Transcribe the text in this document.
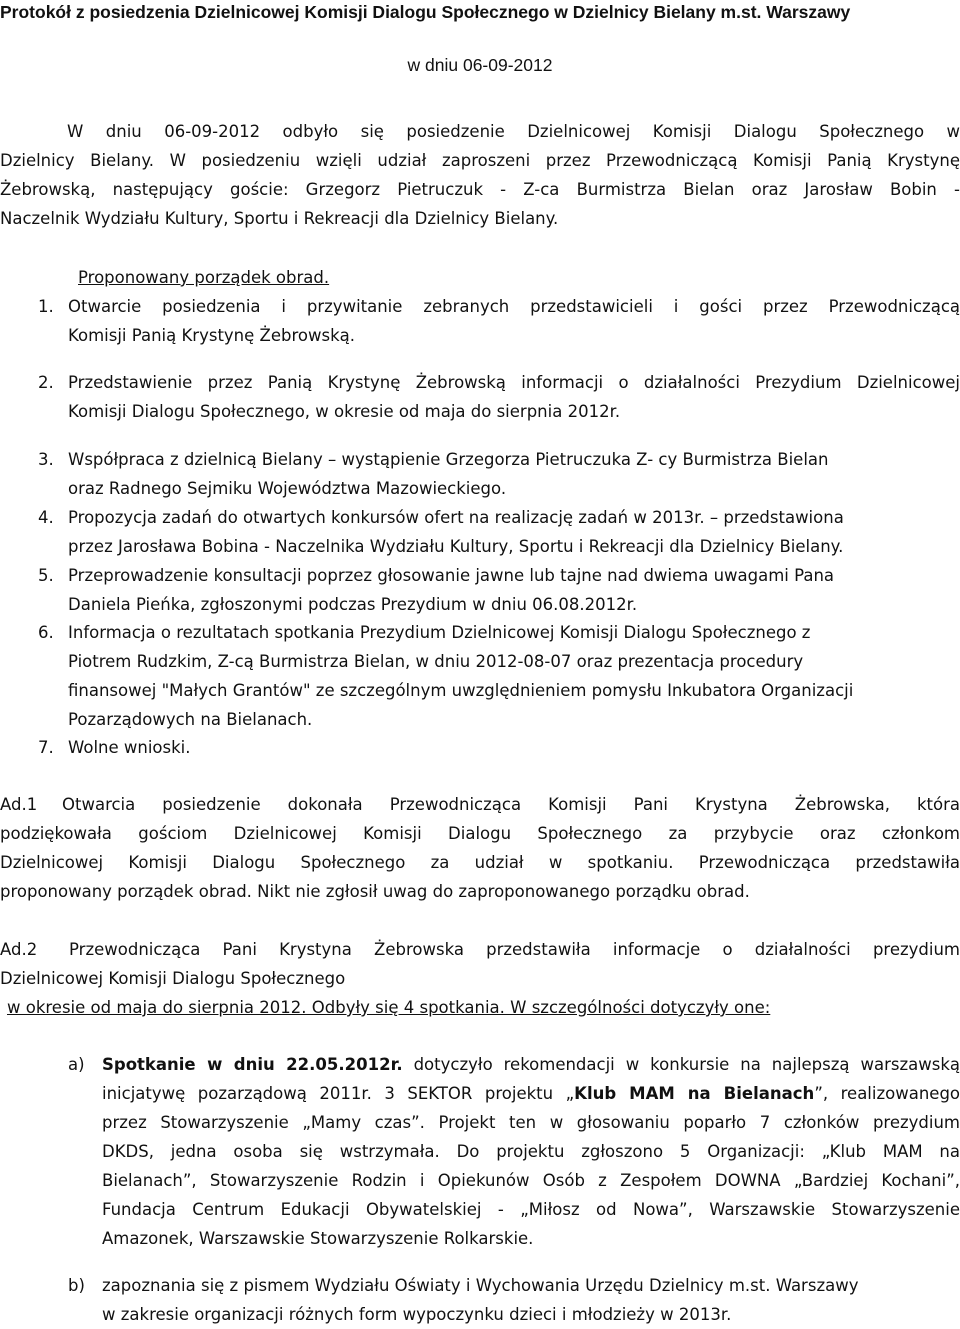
Protokół z posiedzenia Dzielnicowej Komisji Dialogu Społecznego w Dzielnicy Bielany m.st. Warszawy
w dniu 06-09-2012
W dniu 06-09-2012 odbyło się posiedzenie Dzielnicowej Komisji Dialogu Społecznego w
Dzielnicy Bielany. W posiedzeniu wzięli udział zaproszeni przez Przewodniczącą Komisji Panią Krystynę
Żebrowską, następujący goście: Grzegorz Pietruczuk - Z-ca Burmistrza Bielan oraz Jarosław Bobin -
Naczelnik Wydziału Kultury, Sportu i Rekreacji dla Dzielnicy Bielany.
Proponowany porządek obrad.
1. Otwarcie posiedzenia i przywitanie zebranych przedstawicieli i gości przez Przewodniczącą
Komisji Panią Krystynę Żebrowską.
2. Przedstawienie przez Panią Krystynę Żebrowską informacji o działalności Prezydium Dzielnicowej
Komisji Dialogu Społecznego, w okresie od maja do sierpnia 2012r.
3. Współpraca z dzielnicą Bielany – wystąpienie Grzegorza Pietruczuka Z- cy Burmistrza Bielan
oraz Radnego Sejmiku Województwa Mazowieckiego.
4. Propozycja zadań do otwartych konkursów ofert na realizację zadań w 2013r. – przedstawiona
przez Jarosława Bobina - Naczelnika Wydziału Kultury, Sportu i Rekreacji dla Dzielnicy Bielany.
5. Przeprowadzenie konsultacji poprzez głosowanie jawne lub tajne nad dwiema uwagami Pana
Daniela Pieńka, zgłoszonymi podczas Prezydium w dniu 06.08.2012r.
6. Informacja o rezultatach spotkania Prezydium Dzielnicowej Komisji Dialogu Społecznego z
Piotrem Rudzkim, Z-cą Burmistrza Bielan, w dniu 2012-08-07 oraz prezentacja procedury
finansowej "Małych Grantów" ze szczególnym uwzględnieniem pomysłu Inkubatora Organizacji
Pozarządowych na Bielanach.
7. Wolne wnioski.
Ad.1	Otwarcia posiedzenie dokonała Przewodnicząca Komisji Pani Krystyna Żebrowska, która
podziękowała gościom Dzielnicowej Komisji Dialogu Społecznego za przybycie oraz członkom
Dzielnicowej Komisji Dialogu Społecznego za udział w spotkaniu. Przewodnicząca przedstawiła
proponowany porządek obrad. Nikt nie zgłosił uwag do zaproponowanego porządku obrad.
Ad.2	Przewodnicząca Pani Krystyna Żebrowska przedstawiła informacje o działalności prezydium
Dzielnicowej Komisji Dialogu Społecznego
w okresie od maja do sierpnia 2012. Odbyły się 4 spotkania. W szczególności dotyczyły one:
a) Spotkanie w dniu 22.05.2012r. dotyczyło rekomendacji w konkursie na najlepszą warszawską
inicjatywę pozarządową 2011r. 3 SEKTOR projektu „Klub MAM na Bielanach”, realizowanego
przez Stowarzyszenie „Mamy czas”. Projekt ten w głosowaniu poparło 7 członków prezydium
DKDS, jedna osoba się wstrzymała. Do projektu zgłoszono 5 Organizacji: „Klub MAM na
Bielanach”, Stowarzyszenie Rodzin i Opiekunów Osób z Zespołem DOWNA „Bardziej Kochani”,
Fundacja Centrum Edukacji Obywatelskiej - „Miłosz od Nowa”, Warszawskie Stowarzyszenie
Amazonek, Warszawskie Stowarzyszenie Rolkarskie.
b) zapoznania się z pismem Wydziału Oświaty i Wychowania Urzędu Dzielnicy m.st. Warszawy
w zakresie organizacji różnych form wypoczynku dzieci i młodzieży w 2013r.
